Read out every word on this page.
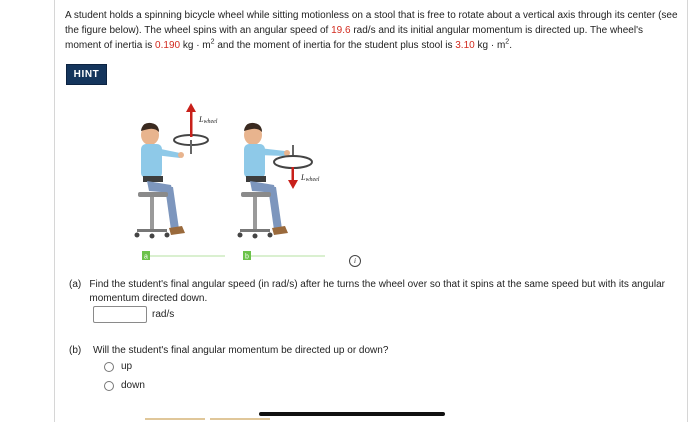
A student holds a spinning bicycle wheel while sitting motionless on a stool that is free to rotate about a vertical axis through its center (see the figure below). The wheel spins with an angular speed of 19.6 rad/s and its initial angular momentum is directed up. The wheel's moment of inertia is 0.190 kg · $m^2$ and the moment of inertia for the student plus stool is 3.10 kg · $m^2$.
HINT
Lwheel
a
Lwheel
b	i
(a) Find the student's final angular speed (in rad/s) after he turns the wheel over so that it spins at the same speed but with its angular momentum directed down.
rad/s
(b) Will the student's final angular momentum be directed up or down?
up
down
